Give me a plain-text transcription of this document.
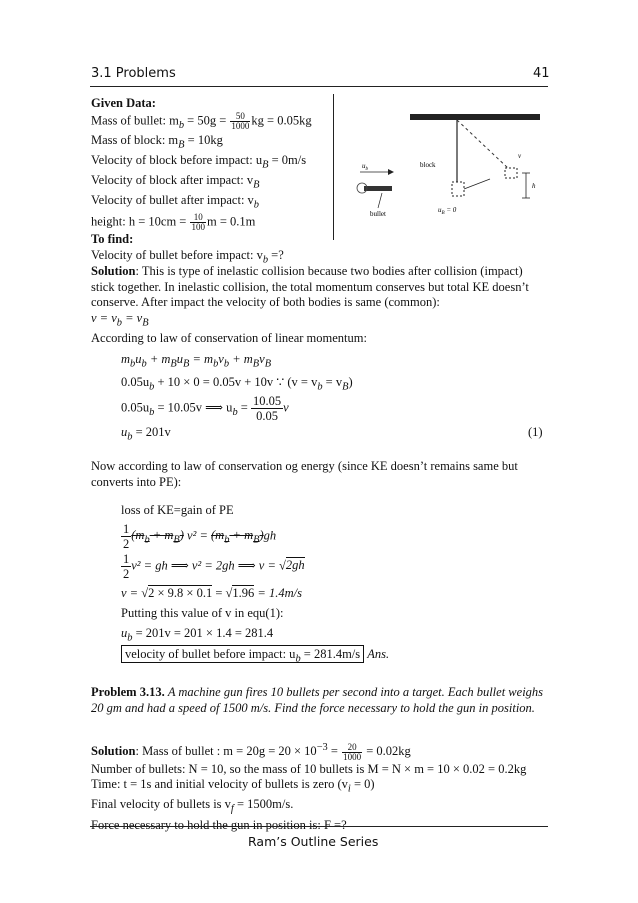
3.1 Problems	41
Given Data:
Mass of bullet: $m_b = 50g = \frac{50}{1000}$ kg = 0.05kg
Mass of block: $m_B = 10kg$
Velocity of block before impact: $u_B = 0m/s$
Velocity of block after impact: $v_B$
Velocity of bullet after impact: $v_b$
height: $h = 10cm = \frac{10}{100}$ m = 0.1m
To find:
Velocity of bullet before impact: $v_b$ =?
$u_b$
block
bullet	$u_B = 0$
v
h
Solution: This is type of inelastic collision because two bodies after collision (impact)
stick together. In inelastic collision, the total momentum conserves but total KE doesn’t
conserve. After impact the velocity of both bodies is same (common):
$v = v_b = v_B$
According to law of conservation of linear momentum:
$m_bu_b + m_Bu_B = m_bv_b + m_Bv_B$
$0.05u_b + 10 \times 0 = 0.05v + 10v$ ∵ $(v = v_b = v_B)$
$0.05u_b = 10.05v$ ⟹ $u_b = \frac{10.05}{0.05}$ v
$u_b = 201v$	(1)
Now according to law of conservation og energy (since KE doesn’t remains same but
converts into PE):
loss of KE=gain of PE
$\frac{1}{2} (m_b + m_B) v^2 = (m_b + m_B)gh$
$\frac{1}{2} v^2$ = gh ⟹ v² = 2gh ⟹ v = √2gh
v = √2 × 9.8 × 0.1 = √1.96 = 1.4m/s
Putting this value of v in equ(1):
$u_b = 201v = 201 \times 1.4 = 281.4$
velocity of bullet before impact: $u_b = 281.4m/s$ Ans.
Problem 3.13. A machine gun fires 10 bullets per second into a target. Each bullet weighs
20 gm and had a speed of 1500 m/s. Find the force necessary to hold the gun in position.
Solution: Mass of bullet : $m = 20g = 20 \times 10^{-3} = \frac{20}{1000} = 0.02kg$
Number of bullets: N = 10, so the mass of 10 bullets is M = N × m = 10 × 0.02 = 0.2kg
Time: t = 1s and initial velocity of bullets is zero $(v_i = 0)$
Final velocity of bullets is $v_f = 1500m/s$.
Force necessary to hold the gun in position is: F =?
Ram’s Outline Series
